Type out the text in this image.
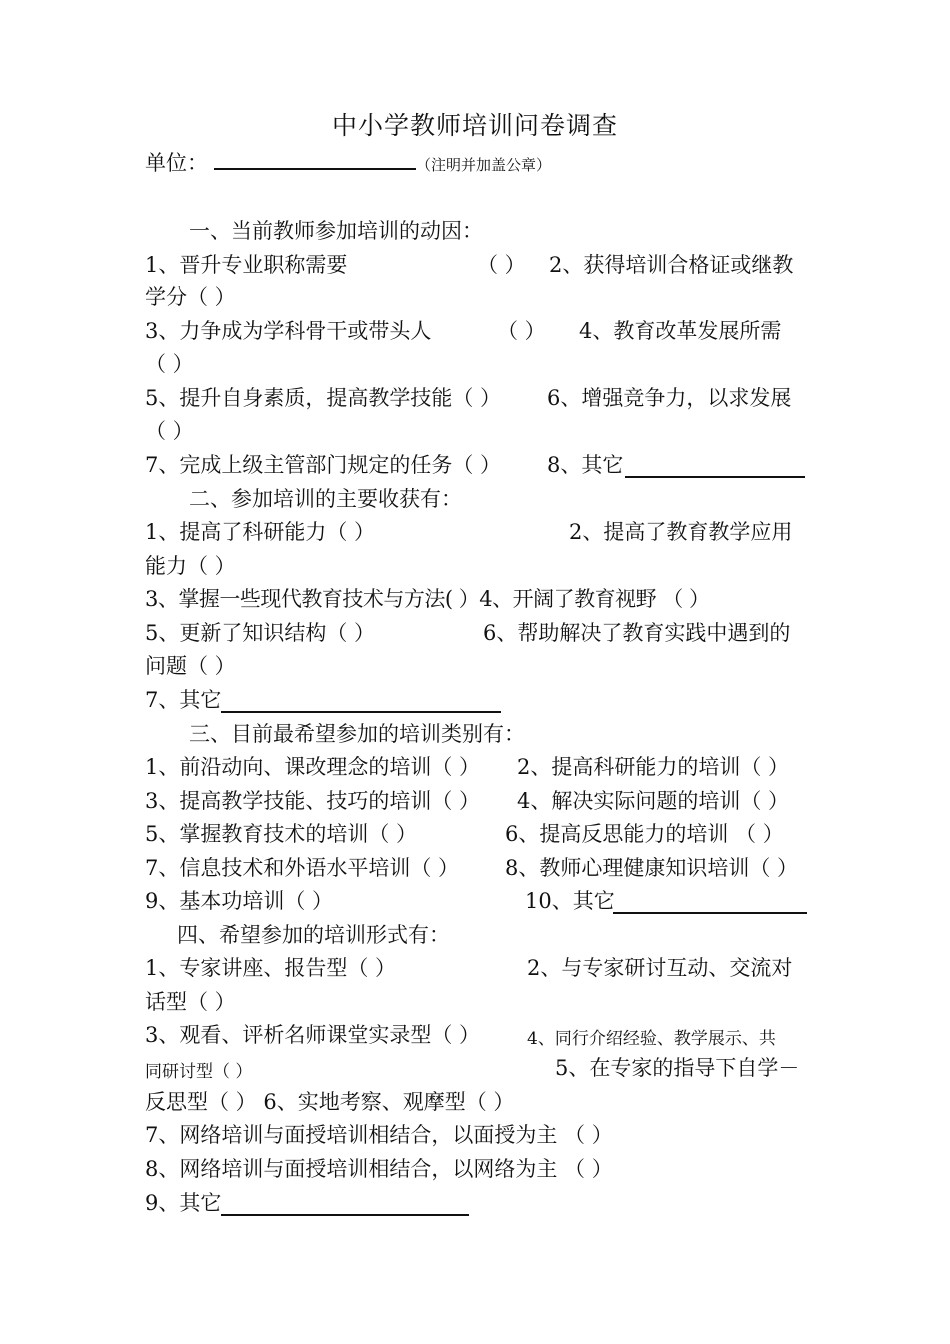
中小学教师培训问卷调查
单位：	（注明并加盖公章）
一、当前教师参加培训的动因：
1、晋升专业职称需要	（ ） 2、获得培训合格证或继教
学分（ ）
3、力争成为学科骨干或带头人	（ ） 4、教育改革发展所需
（ ）
5、提升自身素质，提高教学技能（ ） 6、增强竞争力，以求发展
（ ）
7、完成上级主管部门规定的任务（ ） 8、其它
二、参加培训的主要收获有：
1、提高了科研能力（ ）	2、提高了教育教学应用
能力（ ）
3、掌握一些现代教育技术与方法( ）4、开阔了教育视野 （ ）
5、更新了知识结构（ ）	6、帮助解决了教育实践中遇到的
问题（ ）
7、其它
三、目前最希望参加的培训类别有：
1、前沿动向、课改理念的培训（ ） 2、提高科研能力的培训（ ）
3、提高教学技能、技巧的培训（ ） 4、解决实际问题的培训（ ）
5、掌握教育技术的培训（ ）	6、提高反思能力的培训 （ ）
7、信息技术和外语水平培训（ ） 8、教师心理健康知识培训（ ）
9、基本功培训（ ）	10、其它
四、希望参加的培训形式有：
1、专家讲座、报告型（ ）	2、与专家研讨互动、交流对
话型（ ）
3、观看、评析名师课堂实录型（ ）	4、同行介绍经验、教学展示、共
同研讨型（ ）	5、在专家的指导下自学－
反思型（ ） 6、实地考察、观摩型（ ）
7、网络培训与面授培训相结合，以面授为主 （ ）
8、网络培训与面授培训相结合，以网络为主 （ ）
9、其它
